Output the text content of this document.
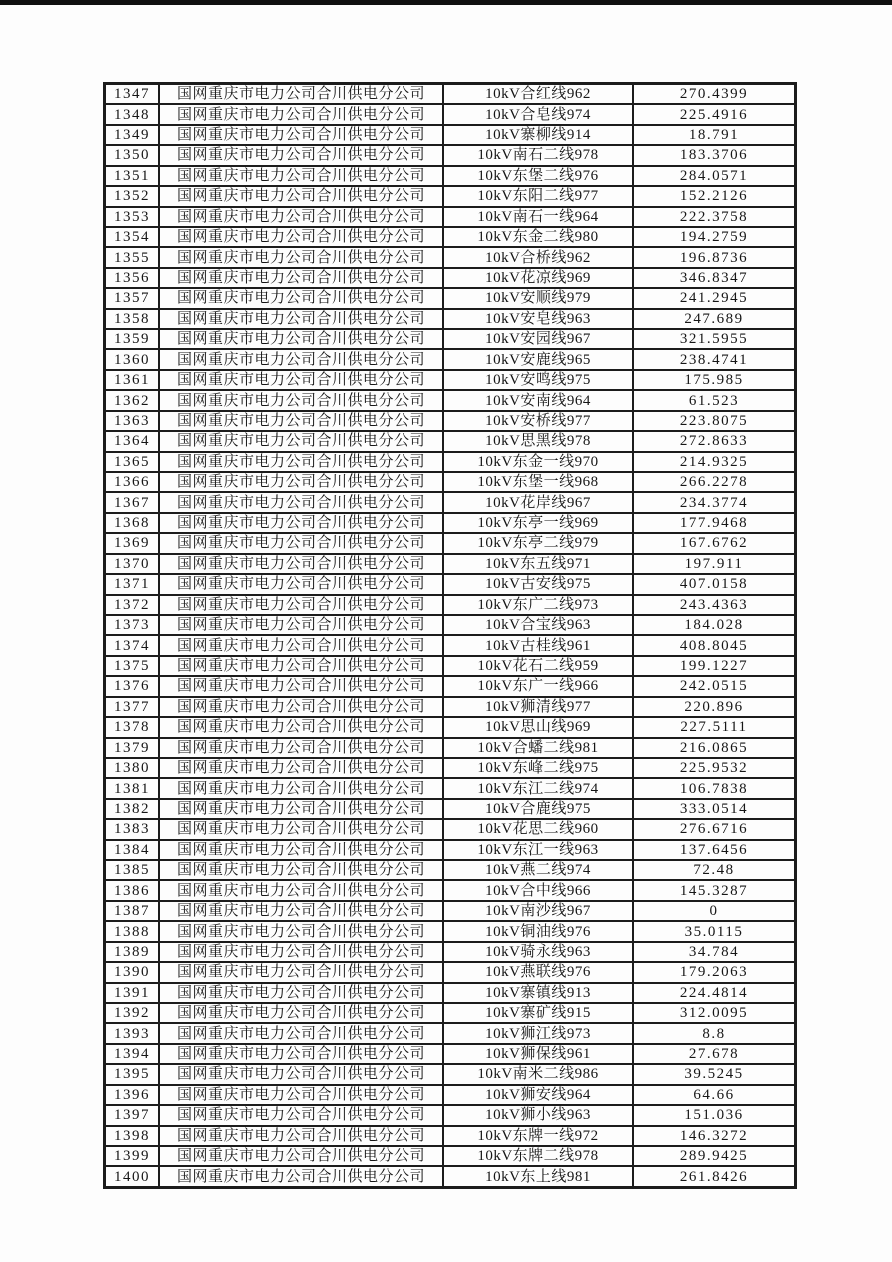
1347	国网重庆市电力公司合川供电分公司	10kV合红线962	270.4399
1348	国网重庆市电力公司合川供电分公司	10kV合皂线974	225.4916
1349	国网重庆市电力公司合川供电分公司	10kV寨柳线914	18.791
1350	国网重庆市电力公司合川供电分公司	10kV南石二线978	183.3706
1351	国网重庆市电力公司合川供电分公司	10kV东堡二线976	284.0571
1352	国网重庆市电力公司合川供电分公司	10kV东阳二线977	152.2126
1353	国网重庆市电力公司合川供电分公司	10kV南石一线964	222.3758
1354	国网重庆市电力公司合川供电分公司	10kV东金二线980	194.2759
1355	国网重庆市电力公司合川供电分公司	10kV合桥线962	196.8736
1356	国网重庆市电力公司合川供电分公司	10kV花凉线969	346.8347
1357	国网重庆市电力公司合川供电分公司	10kV安顺线979	241.2945
1358	国网重庆市电力公司合川供电分公司	10kV安皂线963	247.689
1359	国网重庆市电力公司合川供电分公司	10kV安园线967	321.5955
1360	国网重庆市电力公司合川供电分公司	10kV安鹿线965	238.4741
1361	国网重庆市电力公司合川供电分公司	10kV安鸣线975	175.985
1362	国网重庆市电力公司合川供电分公司	10kV安南线964	61.523
1363	国网重庆市电力公司合川供电分公司	10kV安桥线977	223.8075
1364	国网重庆市电力公司合川供电分公司	10kV思黑线978	272.8633
1365	国网重庆市电力公司合川供电分公司	10kV东金一线970	214.9325
1366	国网重庆市电力公司合川供电分公司	10kV东堡一线968	266.2278
1367	国网重庆市电力公司合川供电分公司	10kV花岸线967	234.3774
1368	国网重庆市电力公司合川供电分公司	10kV东亭一线969	177.9468
1369	国网重庆市电力公司合川供电分公司	10kV东亭二线979	167.6762
1370	国网重庆市电力公司合川供电分公司	10kV东五线971	197.911
1371	国网重庆市电力公司合川供电分公司	10kV古安线975	407.0158
1372	国网重庆市电力公司合川供电分公司	10kV东广二线973	243.4363
1373	国网重庆市电力公司合川供电分公司	10kV合宝线963	184.028
1374	国网重庆市电力公司合川供电分公司	10kV古桂线961	408.8045
1375	国网重庆市电力公司合川供电分公司	10kV花石二线959	199.1227
1376	国网重庆市电力公司合川供电分公司	10kV东广一线966	242.0515
1377	国网重庆市电力公司合川供电分公司	10kV狮清线977	220.896
1378	国网重庆市电力公司合川供电分公司	10kV思山线969	227.5111
1379	国网重庆市电力公司合川供电分公司	10kV合蟠二线981	216.0865
1380	国网重庆市电力公司合川供电分公司	10kV东峰二线975	225.9532
1381	国网重庆市电力公司合川供电分公司	10kV东江二线974	106.7838
1382	国网重庆市电力公司合川供电分公司	10kV合鹿线975	333.0514
1383	国网重庆市电力公司合川供电分公司	10kV花思二线960	276.6716
1384	国网重庆市电力公司合川供电分公司	10kV东江一线963	137.6456
1385	国网重庆市电力公司合川供电分公司	10kV燕二线974	72.48
1386	国网重庆市电力公司合川供电分公司	10kV合中线966	145.3287
1387	国网重庆市电力公司合川供电分公司	10kV南沙线967	0
1388	国网重庆市电力公司合川供电分公司	10kV铜油线976	35.0115
1389	国网重庆市电力公司合川供电分公司	10kV骑永线963	34.784
1390	国网重庆市电力公司合川供电分公司	10kV燕联线976	179.2063
1391	国网重庆市电力公司合川供电分公司	10kV寨镇线913	224.4814
1392	国网重庆市电力公司合川供电分公司	10kV寨矿线915	312.0095
1393	国网重庆市电力公司合川供电分公司	10kV狮江线973	8.8
1394	国网重庆市电力公司合川供电分公司	10kV狮保线961	27.678
1395	国网重庆市电力公司合川供电分公司	10kV南米二线986	39.5245
1396	国网重庆市电力公司合川供电分公司	10kV狮安线964	64.66
1397	国网重庆市电力公司合川供电分公司	10kV狮小线963	151.036
1398	国网重庆市电力公司合川供电分公司	10kV东牌一线972	146.3272
1399	国网重庆市电力公司合川供电分公司	10kV东牌二线978	289.9425
1400	国网重庆市电力公司合川供电分公司	10kV东上线981	261.8426
